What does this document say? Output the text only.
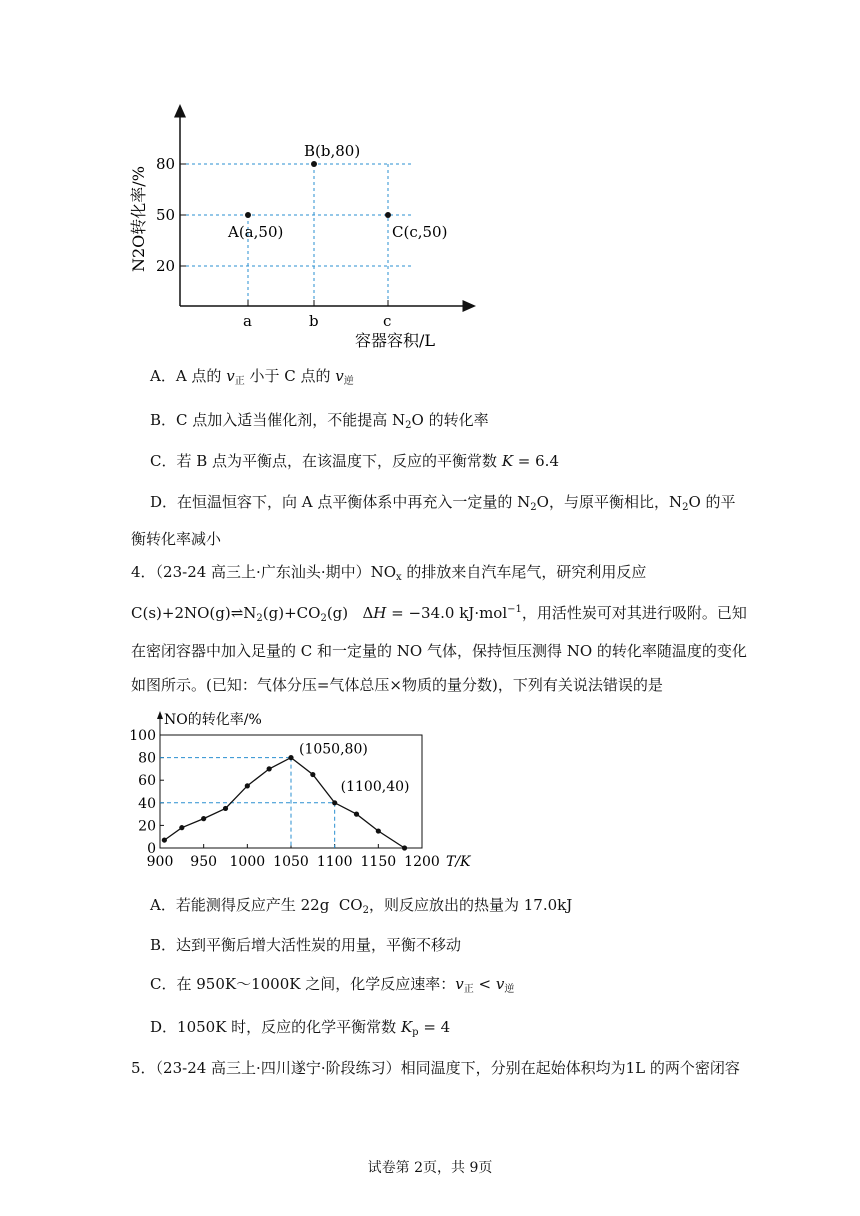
80
50
20
a	b	c
N2O转化率/%
容器容积/L
A(a,50)
B(b,80)
C(c,50)
A．A 点的 $v_正$ 小于 C 点的 $v_逆$
B．C 点加入适当催化剂，不能提高 $N_2O$ 的转化率
C．若 B 点为平衡点，在该温度下，反应的平衡常数 K = 6.4
D．在恒温恒容下，向 A 点平衡体系中再充入一定量的 $N_2O$，与原平衡相比，$N_2O$ 的平
衡转化率减小
4．（23-24 高三上·广东汕头·期中）$NO_x$ 的排放来自汽车尾气，研究利用反应
$C(s)+2NO(g)\rightleftharpoons N_2(g)+CO_2(g) \Delta H = -34.0$ kJ·mol$^{-1}$，用活性炭可对其进行吸附。已知
在密闭容器中加入足量的 C 和一定量的 NO 气体，保持恒压测得 NO 的转化率随温度的变化
如图所示。(已知：气体分压=气体总压×物质的量分数)，下列有关说法错误的是
NO的转化率/%
0
20
40
60
80
100
900 950 1000 1050 1100 1150 1200 T/K
(1050,80)
(1100,40)
A．若能测得反应产生 22g  $CO_2$，则反应放出的热量为 17.0kJ
B．达到平衡后增大活性炭的用量，平衡不移动
C．在 950K～1000K 之间，化学反应速率：$v_正 < v_逆$
D．1050K 时，反应的化学平衡常数 $K_p = 4$
5．（23-24 高三上·四川遂宁·阶段练习）相同温度下，分别在起始体积均为1L 的两个密闭容
试卷第 2页，共 9页
